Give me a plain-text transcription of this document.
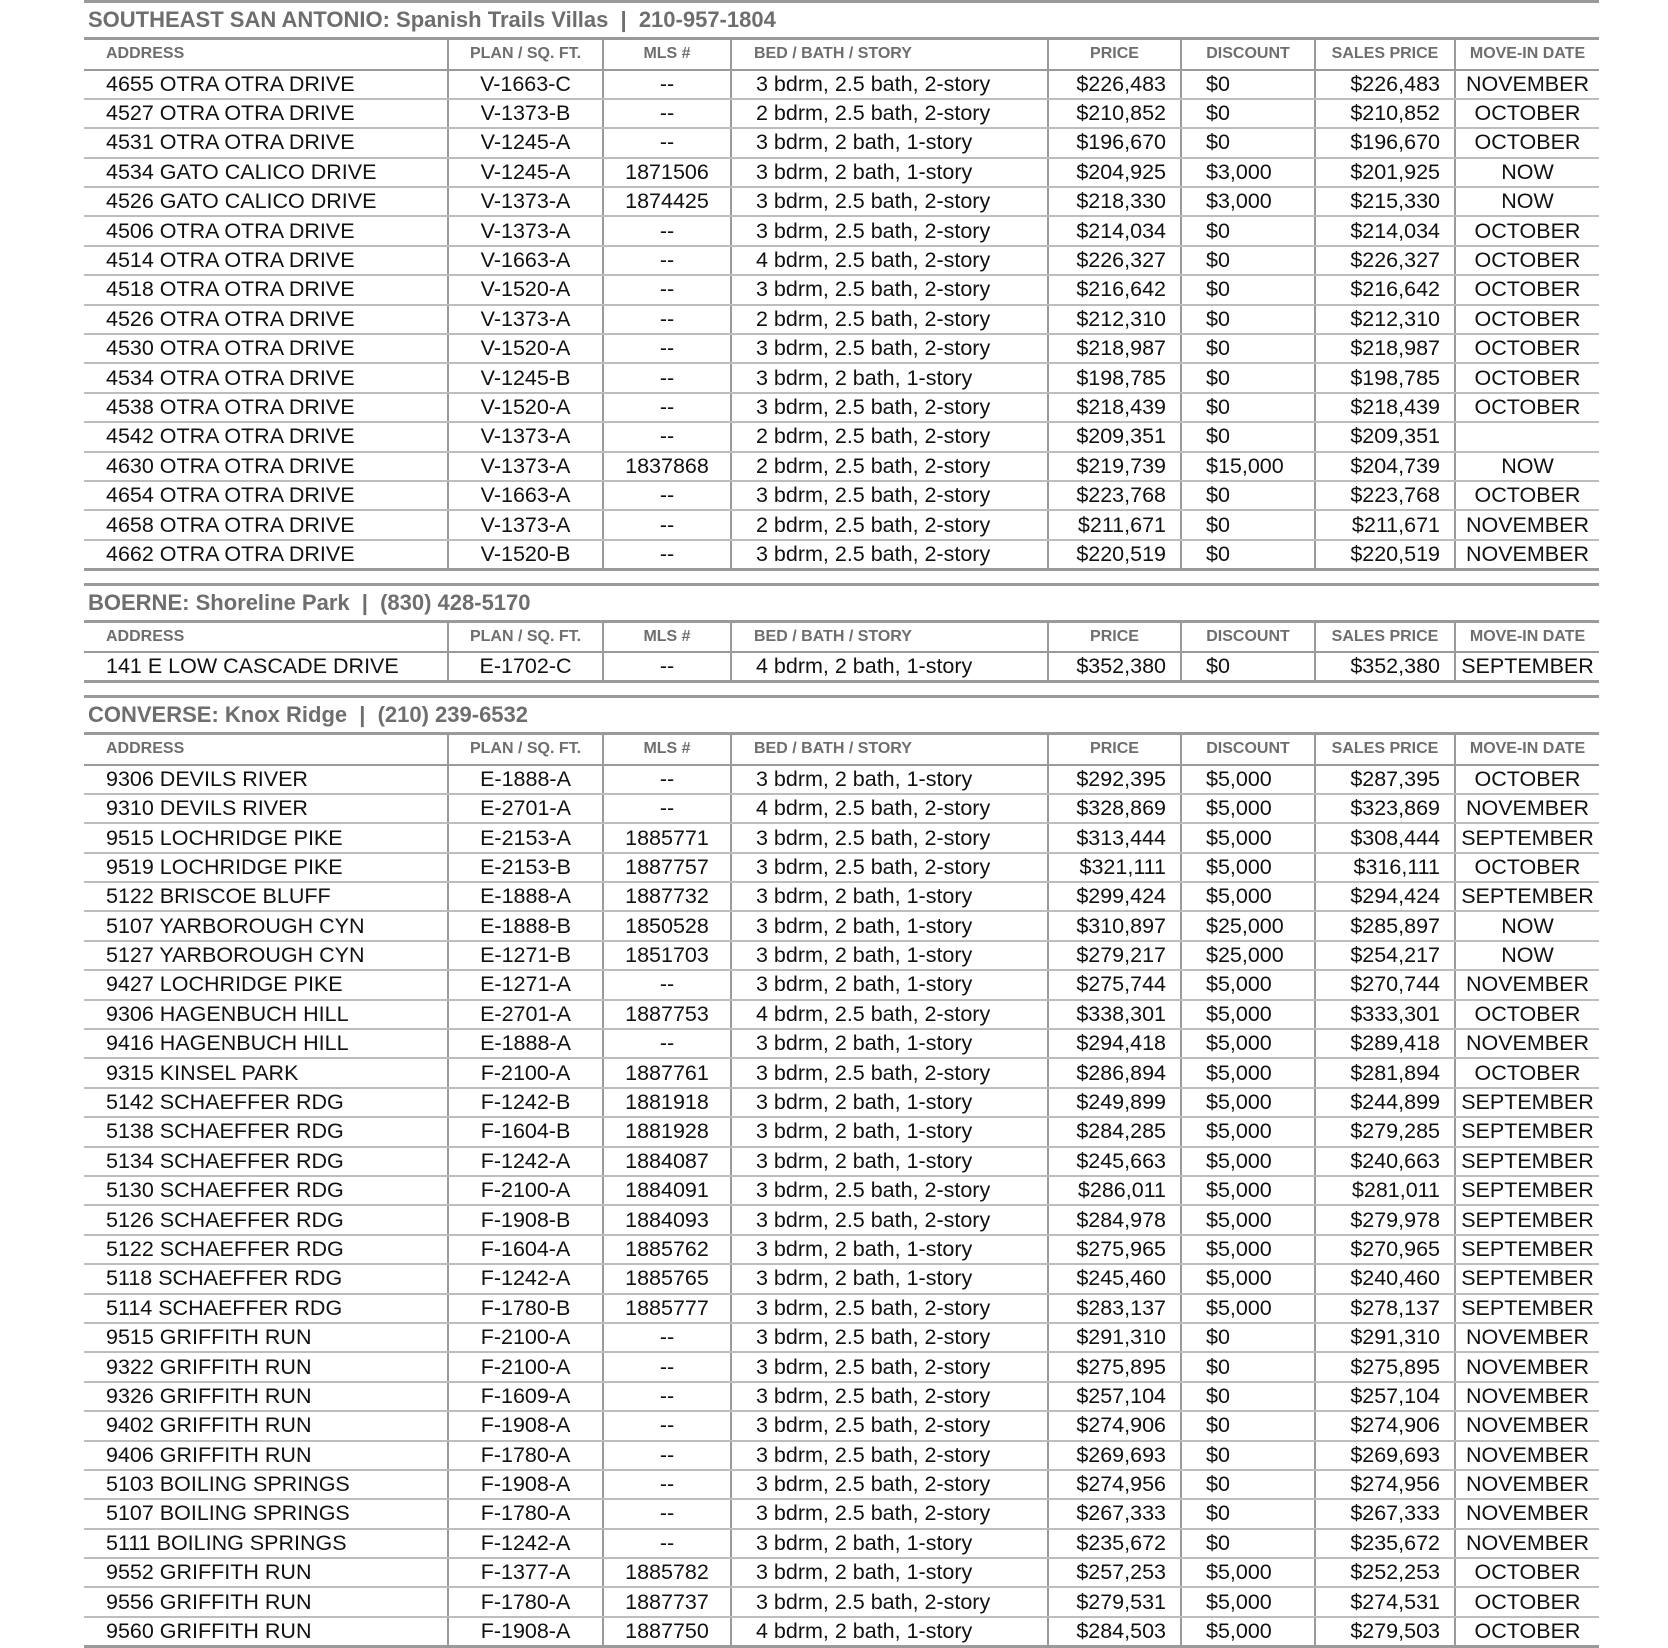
SOUTHEAST SAN ANTONIO: Spanish Trails Villas | 210-957-1804
ADDRESS	PLAN / SQ. FT.	MLS #	BED / BATH / STORY	PRICE	DISCOUNT	SALES PRICE	MOVE-IN DATE
4655 OTRA OTRA DRIVE	V-1663-C	--	3 bdrm, 2.5 bath, 2-story	$226,483	$0	$226,483	NOVEMBER
4527 OTRA OTRA DRIVE	V-1373-B	--	2 bdrm, 2.5 bath, 2-story	$210,852	$0	$210,852	OCTOBER
4531 OTRA OTRA DRIVE	V-1245-A	--	3 bdrm, 2 bath, 1-story	$196,670	$0	$196,670	OCTOBER
4534 GATO CALICO DRIVE	V-1245-A	1871506	3 bdrm, 2 bath, 1-story	$204,925	$3,000	$201,925	NOW
4526 GATO CALICO DRIVE	V-1373-A	1874425	3 bdrm, 2.5 bath, 2-story	$218,330	$3,000	$215,330	NOW
4506 OTRA OTRA DRIVE	V-1373-A	--	3 bdrm, 2.5 bath, 2-story	$214,034	$0	$214,034	OCTOBER
4514 OTRA OTRA DRIVE	V-1663-A	--	4 bdrm, 2.5 bath, 2-story	$226,327	$0	$226,327	OCTOBER
4518 OTRA OTRA DRIVE	V-1520-A	--	3 bdrm, 2.5 bath, 2-story	$216,642	$0	$216,642	OCTOBER
4526 OTRA OTRA DRIVE	V-1373-A	--	2 bdrm, 2.5 bath, 2-story	$212,310	$0	$212,310	OCTOBER
4530 OTRA OTRA DRIVE	V-1520-A	--	3 bdrm, 2.5 bath, 2-story	$218,987	$0	$218,987	OCTOBER
4534 OTRA OTRA DRIVE	V-1245-B	--	3 bdrm, 2 bath, 1-story	$198,785	$0	$198,785	OCTOBER
4538 OTRA OTRA DRIVE	V-1520-A	--	3 bdrm, 2.5 bath, 2-story	$218,439	$0	$218,439	OCTOBER
4542 OTRA OTRA DRIVE	V-1373-A	--	2 bdrm, 2.5 bath, 2-story	$209,351	$0	$209,351	
4630 OTRA OTRA DRIVE	V-1373-A	1837868	2 bdrm, 2.5 bath, 2-story	$219,739	$15,000	$204,739	NOW
4654 OTRA OTRA DRIVE	V-1663-A	--	3 bdrm, 2.5 bath, 2-story	$223,768	$0	$223,768	OCTOBER
4658 OTRA OTRA DRIVE	V-1373-A	--	2 bdrm, 2.5 bath, 2-story	$211,671	$0	$211,671	NOVEMBER
4662 OTRA OTRA DRIVE	V-1520-B	--	3 bdrm, 2.5 bath, 2-story	$220,519	$0	$220,519	NOVEMBER
BOERNE: Shoreline Park | (830) 428-5170
ADDRESS	PLAN / SQ. FT.	MLS #	BED / BATH / STORY	PRICE	DISCOUNT	SALES PRICE	MOVE-IN DATE
141 E LOW CASCADE DRIVE	E-1702-C	--	4 bdrm, 2 bath, 1-story	$352,380	$0	$352,380	SEPTEMBER
CONVERSE: Knox Ridge | (210) 239-6532
ADDRESS	PLAN / SQ. FT.	MLS #	BED / BATH / STORY	PRICE	DISCOUNT	SALES PRICE	MOVE-IN DATE
9306 DEVILS RIVER	E-1888-A	--	3 bdrm, 2 bath, 1-story	$292,395	$5,000	$287,395	OCTOBER
9310 DEVILS RIVER	E-2701-A	--	4 bdrm, 2.5 bath, 2-story	$328,869	$5,000	$323,869	NOVEMBER
9515 LOCHRIDGE PIKE	E-2153-A	1885771	3 bdrm, 2.5 bath, 2-story	$313,444	$5,000	$308,444	SEPTEMBER
9519 LOCHRIDGE PIKE	E-2153-B	1887757	3 bdrm, 2.5 bath, 2-story	$321,111	$5,000	$316,111	OCTOBER
5122 BRISCOE BLUFF	E-1888-A	1887732	3 bdrm, 2 bath, 1-story	$299,424	$5,000	$294,424	SEPTEMBER
5107 YARBOROUGH CYN	E-1888-B	1850528	3 bdrm, 2 bath, 1-story	$310,897	$25,000	$285,897	NOW
5127 YARBOROUGH CYN	E-1271-B	1851703	3 bdrm, 2 bath, 1-story	$279,217	$25,000	$254,217	NOW
9427 LOCHRIDGE PIKE	E-1271-A	--	3 bdrm, 2 bath, 1-story	$275,744	$5,000	$270,744	NOVEMBER
9306 HAGENBUCH HILL	E-2701-A	1887753	4 bdrm, 2.5 bath, 2-story	$338,301	$5,000	$333,301	OCTOBER
9416 HAGENBUCH HILL	E-1888-A	--	3 bdrm, 2 bath, 1-story	$294,418	$5,000	$289,418	NOVEMBER
9315 KINSEL PARK	F-2100-A	1887761	3 bdrm, 2.5 bath, 2-story	$286,894	$5,000	$281,894	OCTOBER
5142 SCHAEFFER RDG	F-1242-B	1881918	3 bdrm, 2 bath, 1-story	$249,899	$5,000	$244,899	SEPTEMBER
5138 SCHAEFFER RDG	F-1604-B	1881928	3 bdrm, 2 bath, 1-story	$284,285	$5,000	$279,285	SEPTEMBER
5134 SCHAEFFER RDG	F-1242-A	1884087	3 bdrm, 2 bath, 1-story	$245,663	$5,000	$240,663	SEPTEMBER
5130 SCHAEFFER RDG	F-2100-A	1884091	3 bdrm, 2.5 bath, 2-story	$286,011	$5,000	$281,011	SEPTEMBER
5126 SCHAEFFER RDG	F-1908-B	1884093	3 bdrm, 2.5 bath, 2-story	$284,978	$5,000	$279,978	SEPTEMBER
5122 SCHAEFFER RDG	F-1604-A	1885762	3 bdrm, 2 bath, 1-story	$275,965	$5,000	$270,965	SEPTEMBER
5118 SCHAEFFER RDG	F-1242-A	1885765	3 bdrm, 2 bath, 1-story	$245,460	$5,000	$240,460	SEPTEMBER
5114 SCHAEFFER RDG	F-1780-B	1885777	3 bdrm, 2.5 bath, 2-story	$283,137	$5,000	$278,137	SEPTEMBER
9515 GRIFFITH RUN	F-2100-A	--	3 bdrm, 2.5 bath, 2-story	$291,310	$0	$291,310	NOVEMBER
9322 GRIFFITH RUN	F-2100-A	--	3 bdrm, 2.5 bath, 2-story	$275,895	$0	$275,895	NOVEMBER
9326 GRIFFITH RUN	F-1609-A	--	3 bdrm, 2.5 bath, 2-story	$257,104	$0	$257,104	NOVEMBER
9402 GRIFFITH RUN	F-1908-A	--	3 bdrm, 2.5 bath, 2-story	$274,906	$0	$274,906	NOVEMBER
9406 GRIFFITH RUN	F-1780-A	--	3 bdrm, 2.5 bath, 2-story	$269,693	$0	$269,693	NOVEMBER
5103 BOILING SPRINGS	F-1908-A	--	3 bdrm, 2.5 bath, 2-story	$274,956	$0	$274,956	NOVEMBER
5107 BOILING SPRINGS	F-1780-A	--	3 bdrm, 2.5 bath, 2-story	$267,333	$0	$267,333	NOVEMBER
5111 BOILING SPRINGS	F-1242-A	--	3 bdrm, 2 bath, 1-story	$235,672	$0	$235,672	NOVEMBER
9552 GRIFFITH RUN	F-1377-A	1885782	3 bdrm, 2 bath, 1-story	$257,253	$5,000	$252,253	OCTOBER
9556 GRIFFITH RUN	F-1780-A	1887737	3 bdrm, 2.5 bath, 2-story	$279,531	$5,000	$274,531	OCTOBER
9560 GRIFFITH RUN	F-1908-A	1887750	4 bdrm, 2 bath, 1-story	$284,503	$5,000	$279,503	OCTOBER
